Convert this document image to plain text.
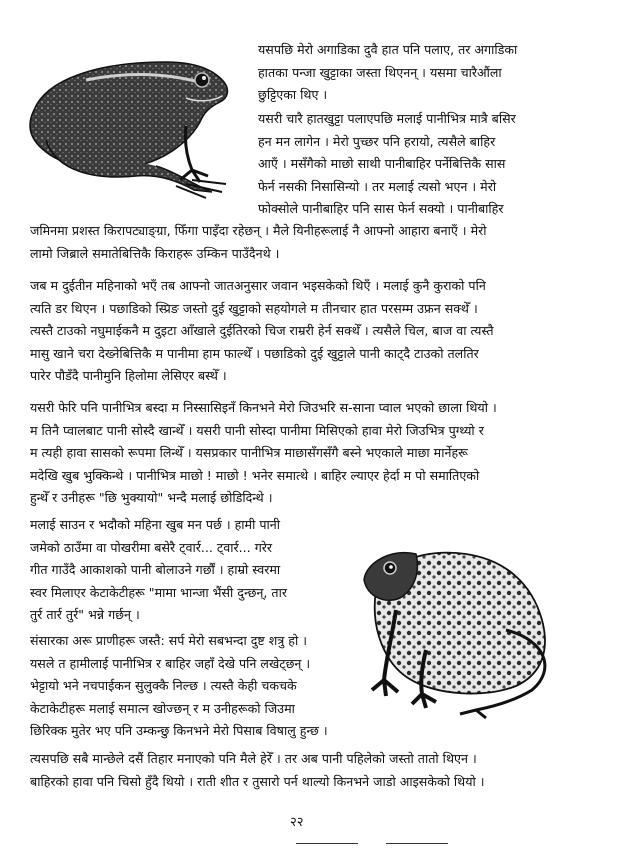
यसपछि मेरो अगाडिका दुवै हात पनि पलाए, तर अगाडिका
हातका पन्जा खुट्टाका जस्ता थिएनन् । यसमा चारैऔंला
छुट्टिएका थिए ।
यसरी चारै हातखुट्टा पलाएपछि मलाई पानीभित्र मात्रै बसिर
हन मन लागेन । मेरो पुच्छर पनि हरायो, त्यसैले बाहिर
आएँ । मसँगैको माछो साथी पानीबाहिर पर्नेबित्तिकै सास
फेर्न नसकी निसासिन्यो । तर मलाई त्यसो भएन । मेरो
फोक्सोले पानीबाहिर पनि सास फेर्न सक्यो । पानीबाहिर
जमिनमा प्रशस्त किरापट्याङ्ग्रा, फिँगा पाइँदा रहेछन् । मैले यिनीहरूलाई नै आफ्नो आहारा बनाएँ । मेरो
लामो जिब्राले समातेबित्तिकै किराहरू उम्किन पाउँदैनथे ।
जब म दुईतीन महिनाको भएँ तब आफ्नो जातअनुसार जवान भइसकेको थिएँ । मलाई कुनै कुराको पनि
त्यति डर थिएन । पछाडिको स्प्रिङ जस्तो दुई खुट्टाको सहयोगले म तीनचार हात परसम्म उफ्रन सक्थेँ ।
त्यस्तै टाउको नघुमाईकनै म दुइटा आँखाले दुईतिरको चिज राम्ररी हेर्न सक्थेँ । त्यसैले चिल, बाज वा त्यस्तै
मासु खाने चरा देख्नेबित्तिकै म पानीमा हाम फाल्थेँ । पछाडिको दुई खुट्टाले पानी काट्दै टाउको तलतिर
पारेर पौडँदै पानीमुनि हिलोमा लेसिएर बस्थेँ ।
यसरी फेरि पनि पानीभित्र बस्दा म निस्सासिइनँ किनभने मेरो जिउभरि स-साना प्वाल भएको छाला थियो ।
म तिनै प्वालबाट पानी सोस्दै खान्थेँ । यसरी पानी सोस्दा पानीमा मिसिएको हावा मेरो जिउभित्र पुग्थ्यो र
म त्यही हावा सासको रूपमा लिन्थेँ । यसप्रकार पानीभित्र माछासँगसँगै बस्ने भएकाले माछा मार्नेहरू
मदेखि खुब भुक्किन्थे । पानीभित्र माछो ! माछो ! भनेर समात्थे । बाहिर ल्याएर हेर्दा म पो समातिएको
हुन्थेँ र उनीहरू "छि भुक्यायो" भन्दै मलाई छोडिदिन्थे ।
मलाई साउन र भदौको महिना खुब मन पर्छ । हामी पानी
जमेको ठाउँमा वा पोखरीमा बसेरै ट्वार्र... ट्वार्र... गरेर
गीत गाउँदै आकाशको पानी बोलाउने गर्छौं । हाम्रो स्वरमा
स्वर मिलाएर केटाकेटीहरू "मामा भान्जा भैंसी दुन्छन्, तार
तुर्र तार्र तुर्र" भन्ने गर्छन् ।
संसारका अरू प्राणीहरू जस्तै: सर्प मेरो सबभन्दा दुष्ट शत्रु हो ।
यसले त हामीलाई पानीभित्र र बाहिर जहाँ देखे पनि लखेट्छन् ।
भेट्टायो भने नचपाईकन सुलुक्कै निल्छ । त्यस्तै केही चकचके
केटाकेटीहरू मलाई समात्न खोज्छन् र म उनीहरूको जिउमा
छिरिक्क मुतेर भए पनि उम्कन्छु किनभने मेरो पिसाब विषालु हुन्छ ।
त्यसपछि सबै मान्छेले दसैं तिहार मनाएको पनि मैले हेरेँ । तर अब पानी पहिलेको जस्तो तातो थिएन ।
बाहिरको हावा पनि चिसो हुँदै थियो । राती शीत र तुसारो पर्न थाल्यो किनभने जाडो आइसकेको थियो ।
२२
